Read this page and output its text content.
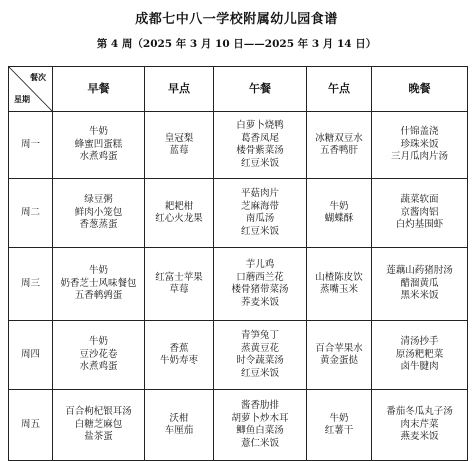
成都七中八一学校附属幼儿园食谱
第 4 周（2025 年 3 月 10 日——2025 年 3 月 14 日）
餐次
星期	早餐	早点	午餐	午点	晚餐
周一	牛奶
蜂蜜凹蛋糕
水煮鸡蛋	皇冠梨
蓝莓	白萝卜烧鸭
葛香凤尾
楼骨紫菜汤
红豆米饭	冰糖双豆水
五香鸭肝	什锦盖浇
珍珠米饭
三月瓜肉片汤

周二	绿豆粥
鲜肉小笼包
香葱蒸蛋	耙耙柑
红心火龙果	平菇肉片
芝麻海带
南瓜汤
红豆米饭	牛奶
蝴蝶酥	蔬菜软面
京酱肉铝
白灼基围虾

周三	牛奶
奶香芝士风味餐包
五香鹌鹑蛋	红富士苹果
草莓	芋儿鸡
口蘑西兰花
楼骨猪带菜汤
荞麦米饭	山楂陈皮饮
蒸嘴玉米	莲藕山药猪肘汤
醋溜黄瓜
黑米米饭

周四	牛奶
豆沙花卷
水煮鸡蛋	香蕉
牛奶寿枣	青笋兔丁
蒸黄豆花
时令蔬菜汤
红豆米饭	百合苹果水
黄金蛋挞	清汤抄手
原汤粑粑菜
卤牛腱肉

周五	百合枸杞银耳汤
白糖芝麻包
盐茶蛋	沃柑
车厘茄	酱香肋排
胡萝卜炒木耳
鲫鱼白菜汤
薏仁米饭	牛奶
红薯干	番茄冬瓜丸子汤
肉末芹菜
燕麦米饭
